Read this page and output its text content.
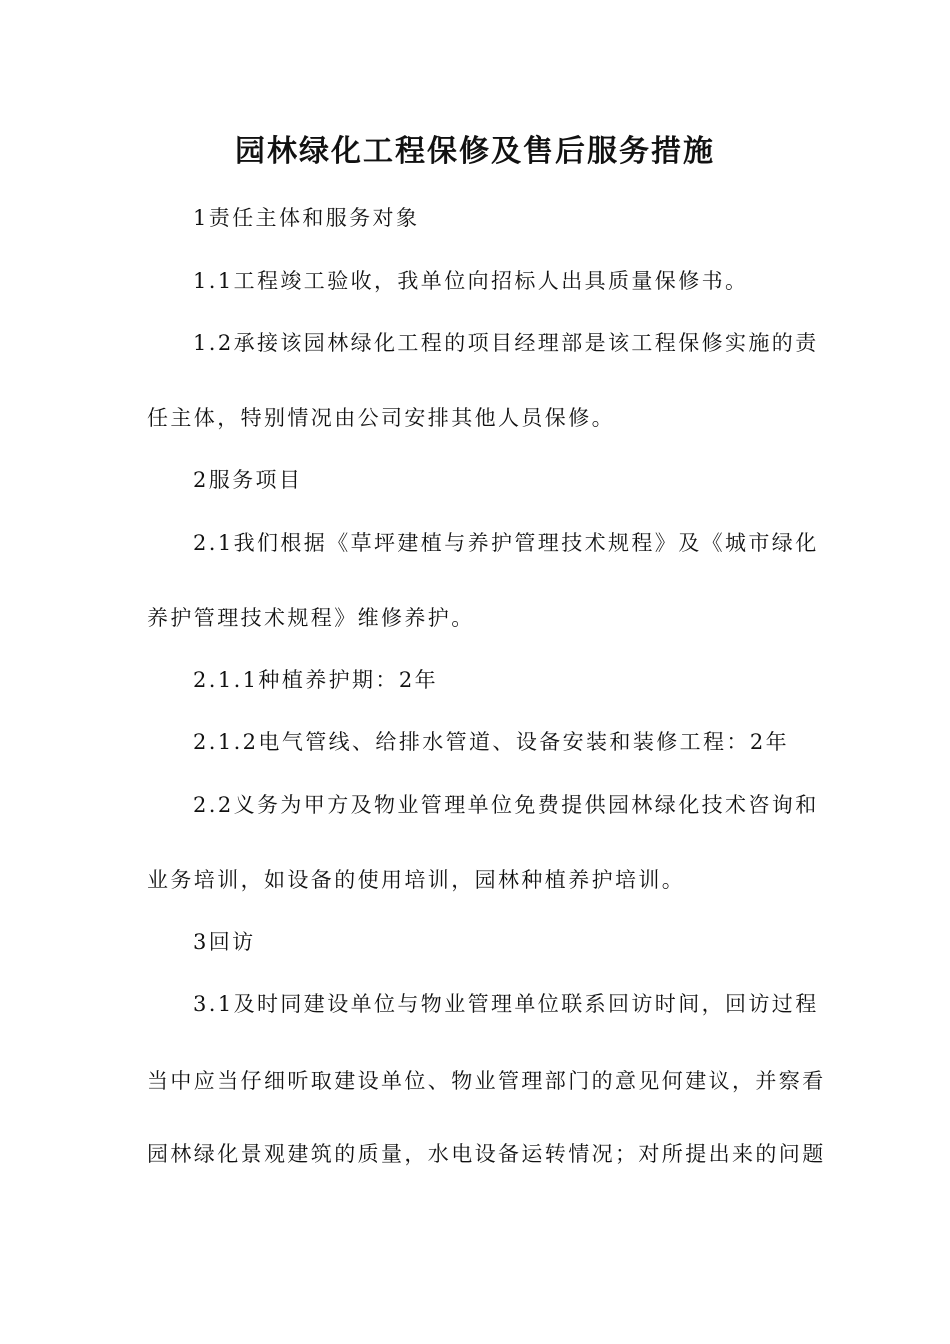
园林绿化工程保修及售后服务措施

1责任主体和服务对象

1.1工程竣工验收，我单位向招标人出具质量保修书。

1.2承接该园林绿化工程的项目经理部是该工程保修实施的责

任主体，特别情况由公司安排其他人员保修。

2服务项目

2.1我们根据《草坪建植与养护管理技术规程》及《城市绿化

养护管理技术规程》维修养护。

2.1.1种植养护期：2年

2.1.2电气管线、给排水管道、设备安装和装修工程：2年

2.2义务为甲方及物业管理单位免费提供园林绿化技术咨询和

业务培训，如设备的使用培训，园林种植养护培训。

3回访

3.1及时同建设单位与物业管理单位联系回访时间，回访过程

当中应当仔细听取建设单位、物业管理部门的意见何建议，并察看

园林绿化景观建筑的质量，水电设备运转情况；对所提出来的问题
